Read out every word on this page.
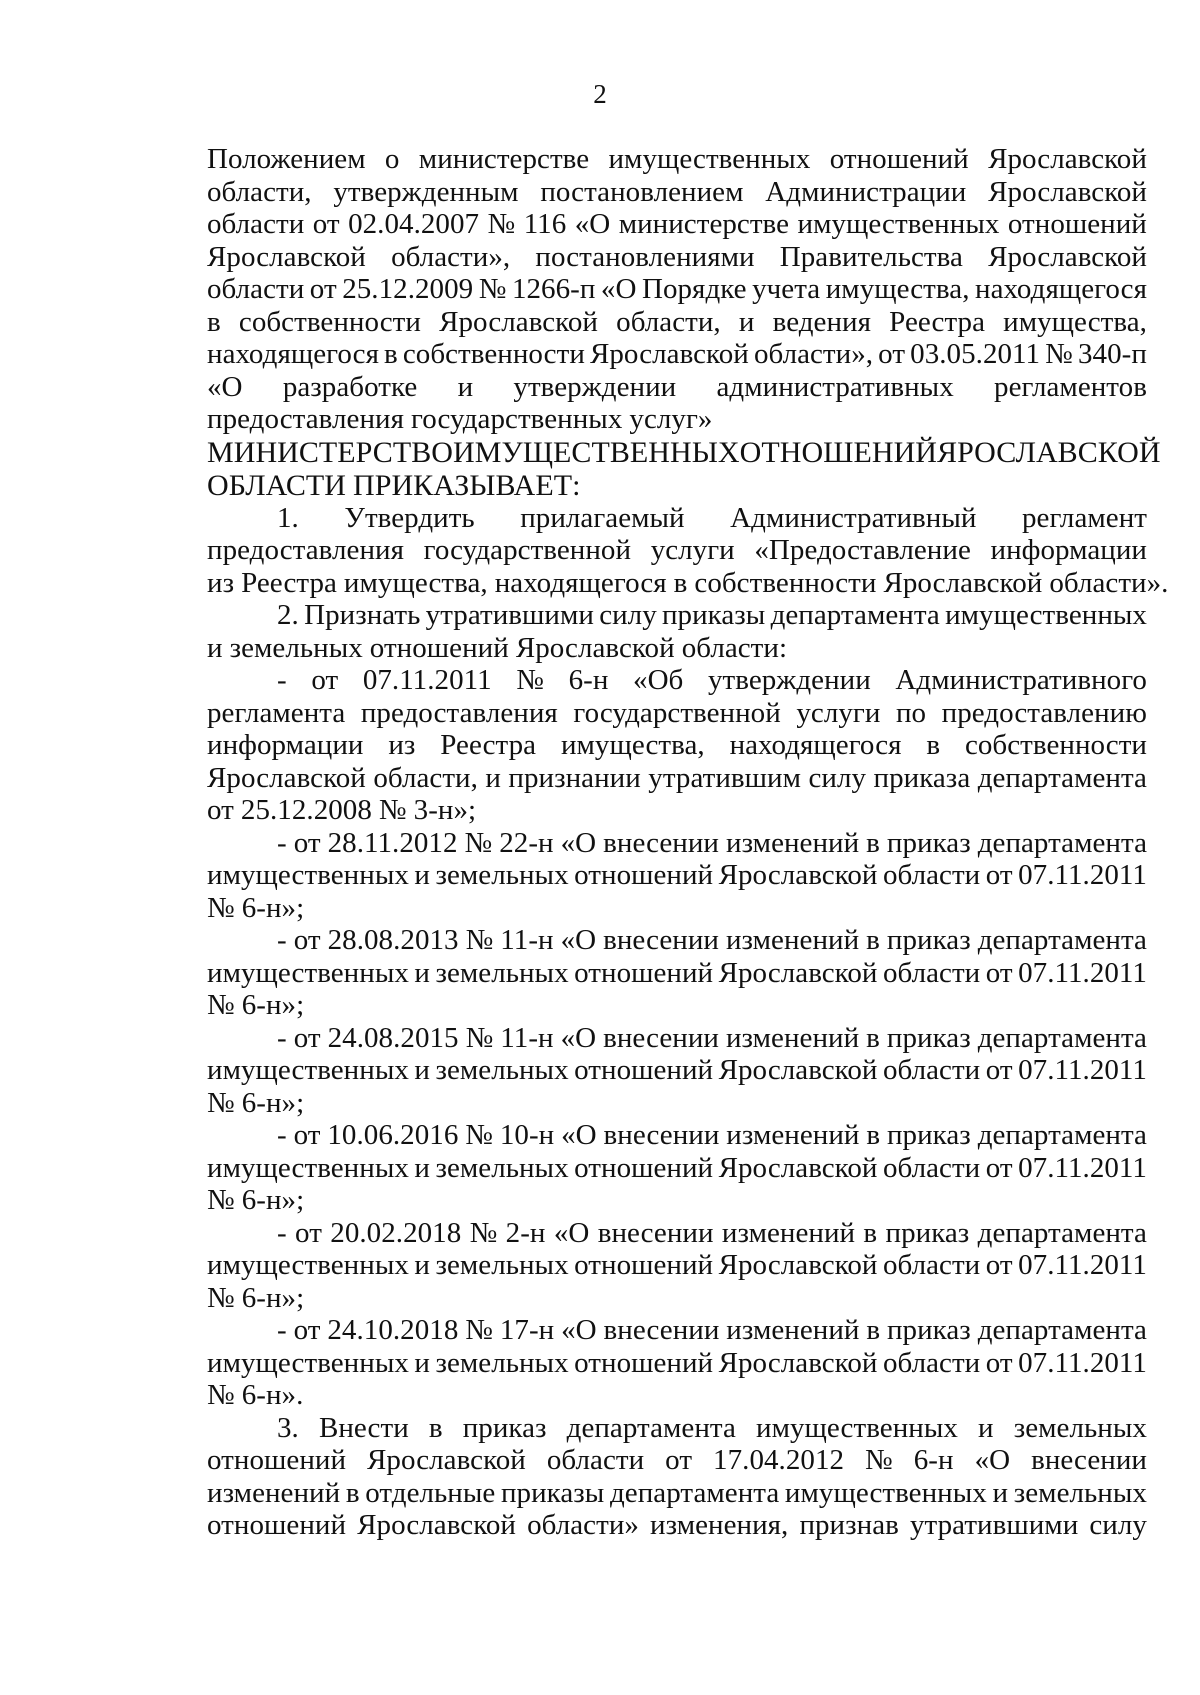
2
Положением о министерстве имущественных отношений Ярославской
области, утвержденным постановлением Администрации Ярославской
области от 02.04.2007 № 116 «О министерстве имущественных отношений
Ярославской области», постановлениями Правительства Ярославской
области от 25.12.2009 № 1266-п «О Порядке учета имущества, находящегося
в собственности Ярославской области, и ведения Реестра имущества,
находящегося в собственности Ярославской области», от 03.05.2011 № 340-п
«О разработке и утверждении административных регламентов
предоставления государственных услуг»
МИНИСТЕРСТВО ИМУЩЕСТВЕННЫХ ОТНОШЕНИЙ ЯРОСЛАВСКОЙ
ОБЛАСТИ ПРИКАЗЫВАЕТ:
1. Утвердить прилагаемый Административный регламент
предоставления государственной услуги «Предоставление информации
из Реестра имущества, находящегося в собственности Ярославской области».
2. Признать утратившими силу приказы департамента имущественных
и земельных отношений Ярославской области:
- от 07.11.2011 № 6-н «Об утверждении Административного
регламента предоставления государственной услуги по предоставлению
информации из Реестра имущества, находящегося в собственности
Ярославской области, и признании утратившим силу приказа департамента
от 25.12.2008 № 3-н»;
- от 28.11.2012 № 22-н «О внесении изменений в приказ департамента
имущественных и земельных отношений Ярославской области от 07.11.2011
№ 6-н»;
- от 28.08.2013 № 11-н «О внесении изменений в приказ департамента
имущественных и земельных отношений Ярославской области от 07.11.2011
№ 6-н»;
- от 24.08.2015 № 11-н «О внесении изменений в приказ департамента
имущественных и земельных отношений Ярославской области от 07.11.2011
№ 6-н»;
- от 10.06.2016 № 10-н «О внесении изменений в приказ департамента
имущественных и земельных отношений Ярославской области от 07.11.2011
№ 6-н»;
- от 20.02.2018 № 2-н «О внесении изменений в приказ департамента
имущественных и земельных отношений Ярославской области от 07.11.2011
№ 6-н»;
- от 24.10.2018 № 17-н «О внесении изменений в приказ департамента
имущественных и земельных отношений Ярославской области от 07.11.2011
№ 6-н».
3. Внести в приказ департамента имущественных и земельных
отношений Ярославской области от 17.04.2012 № 6-н «О внесении
изменений в отдельные приказы департамента имущественных и земельных
отношений Ярославской области» изменения, признав утратившими силу
